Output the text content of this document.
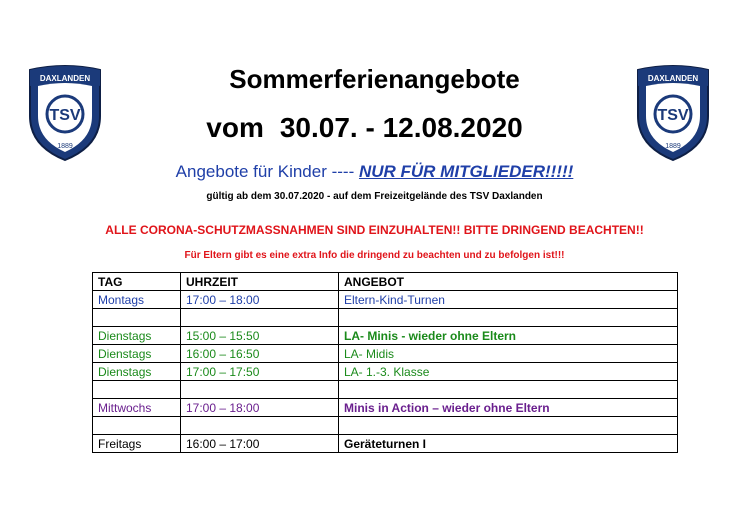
DAXLANDEN
TSV
1889
DAXLANDEN
TSV
1889
Sommerferienangebote
vom 30.07. - 12.08.2020
Angebote für Kinder ---- NUR FÜR MITGLIEDER!!!!!
gültig ab dem 30.07.2020 - auf dem Freizeitgelände des TSV Daxlanden
ALLE CORONA-SCHUTZMASSNAHMEN SIND EINZUHALTEN!! BITTE DRINGEND BEACHTEN!!
Für Eltern gibt es eine extra Info die dringend zu beachten und zu befolgen ist!!!
TAG	UHRZEIT	ANGEBOT
Montags	17:00 – 18:00	Eltern-Kind-Turnen

Dienstags	15:00 – 15:50	LA- Minis - wieder ohne Eltern
Dienstags	16:00 – 16:50	LA- Midis
Dienstags	17:00 – 17:50	LA- 1.-3. Klasse

Mittwochs	17:00 – 18:00	Minis in Action – wieder ohne Eltern

Freitags	16:00 – 17:00	Geräteturnen I
